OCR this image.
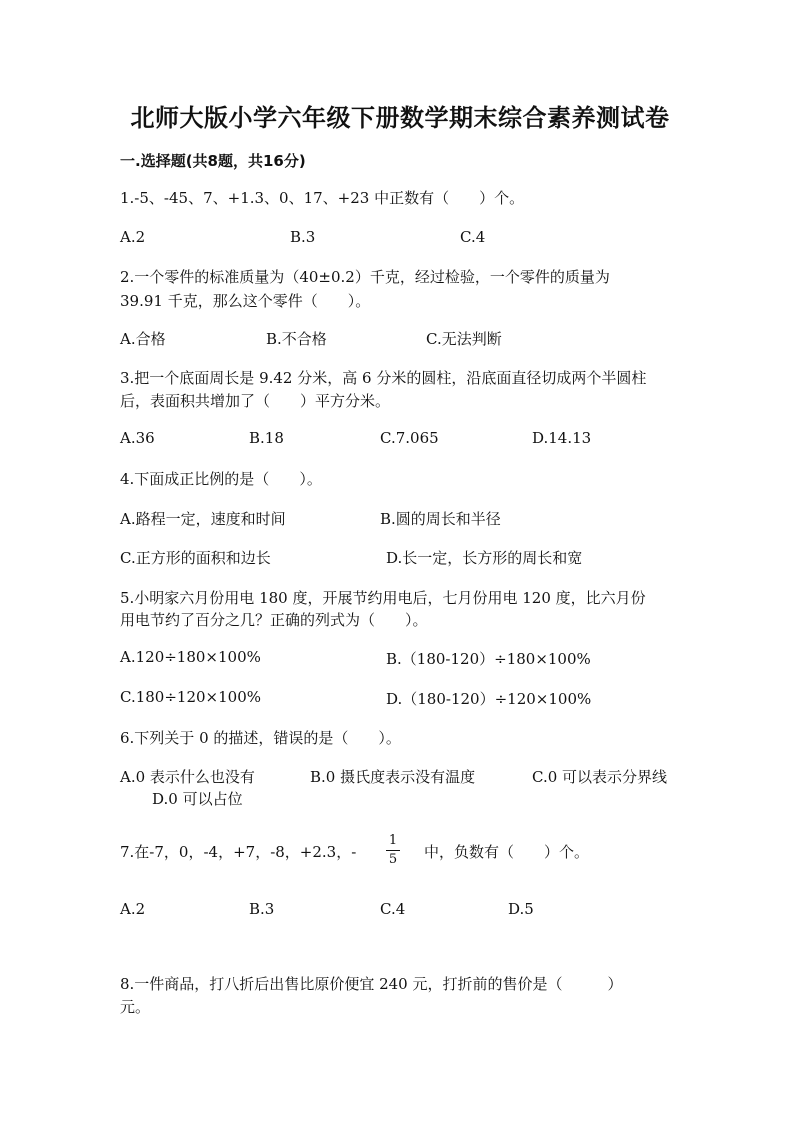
北师大版小学六年级下册数学期末综合素养测试卷
一.选择题(共8题，共16分)
1.-5、-45、7、+1.3、0、17、+23 中正数有（　　）个。
A.2	B.3	C.4
2.一个零件的标准质量为（40±0.2）千克，经过检验，一个零件的质量为
39.91 千克，那么这个零件（　　）。
A.合格	B.不合格	C.无法判断
3.把一个底面周长是 9.42 分米，高 6 分米的圆柱，沿底面直径切成两个半圆柱
后，表面积共增加了（　　）平方分米。
A.36	B.18	C.7.065	D.14.13
4.下面成正比例的是（　　）。
A.路程一定，速度和时间	B.圆的周长和半径
C.正方形的面积和边长	D.长一定，长方形的周长和宽
5.小明家六月份用电 180 度，开展节约用电后，七月份用电 120 度，比六月份
用电节约了百分之几？正确的列式为（　　）。
A.120÷180×100%	B.（180-120）÷180×100%
C.180÷120×100%	D.（180-120）÷120×100%
6.下列关于 0 的描述，错误的是（　　）。
A.0 表示什么也没有	B.0 摄氏度表示没有温度	C.0 可以表示分界线
D.0 可以占位
7.在-7，0，-4，+7，-8，+2.3，-
1
5 中，负数有（　　）个。
A.2	B.3	C.4	D.5
8.一件商品，打八折后出售比原价便宜 240 元，打折前的售价是（　　　）
元。
